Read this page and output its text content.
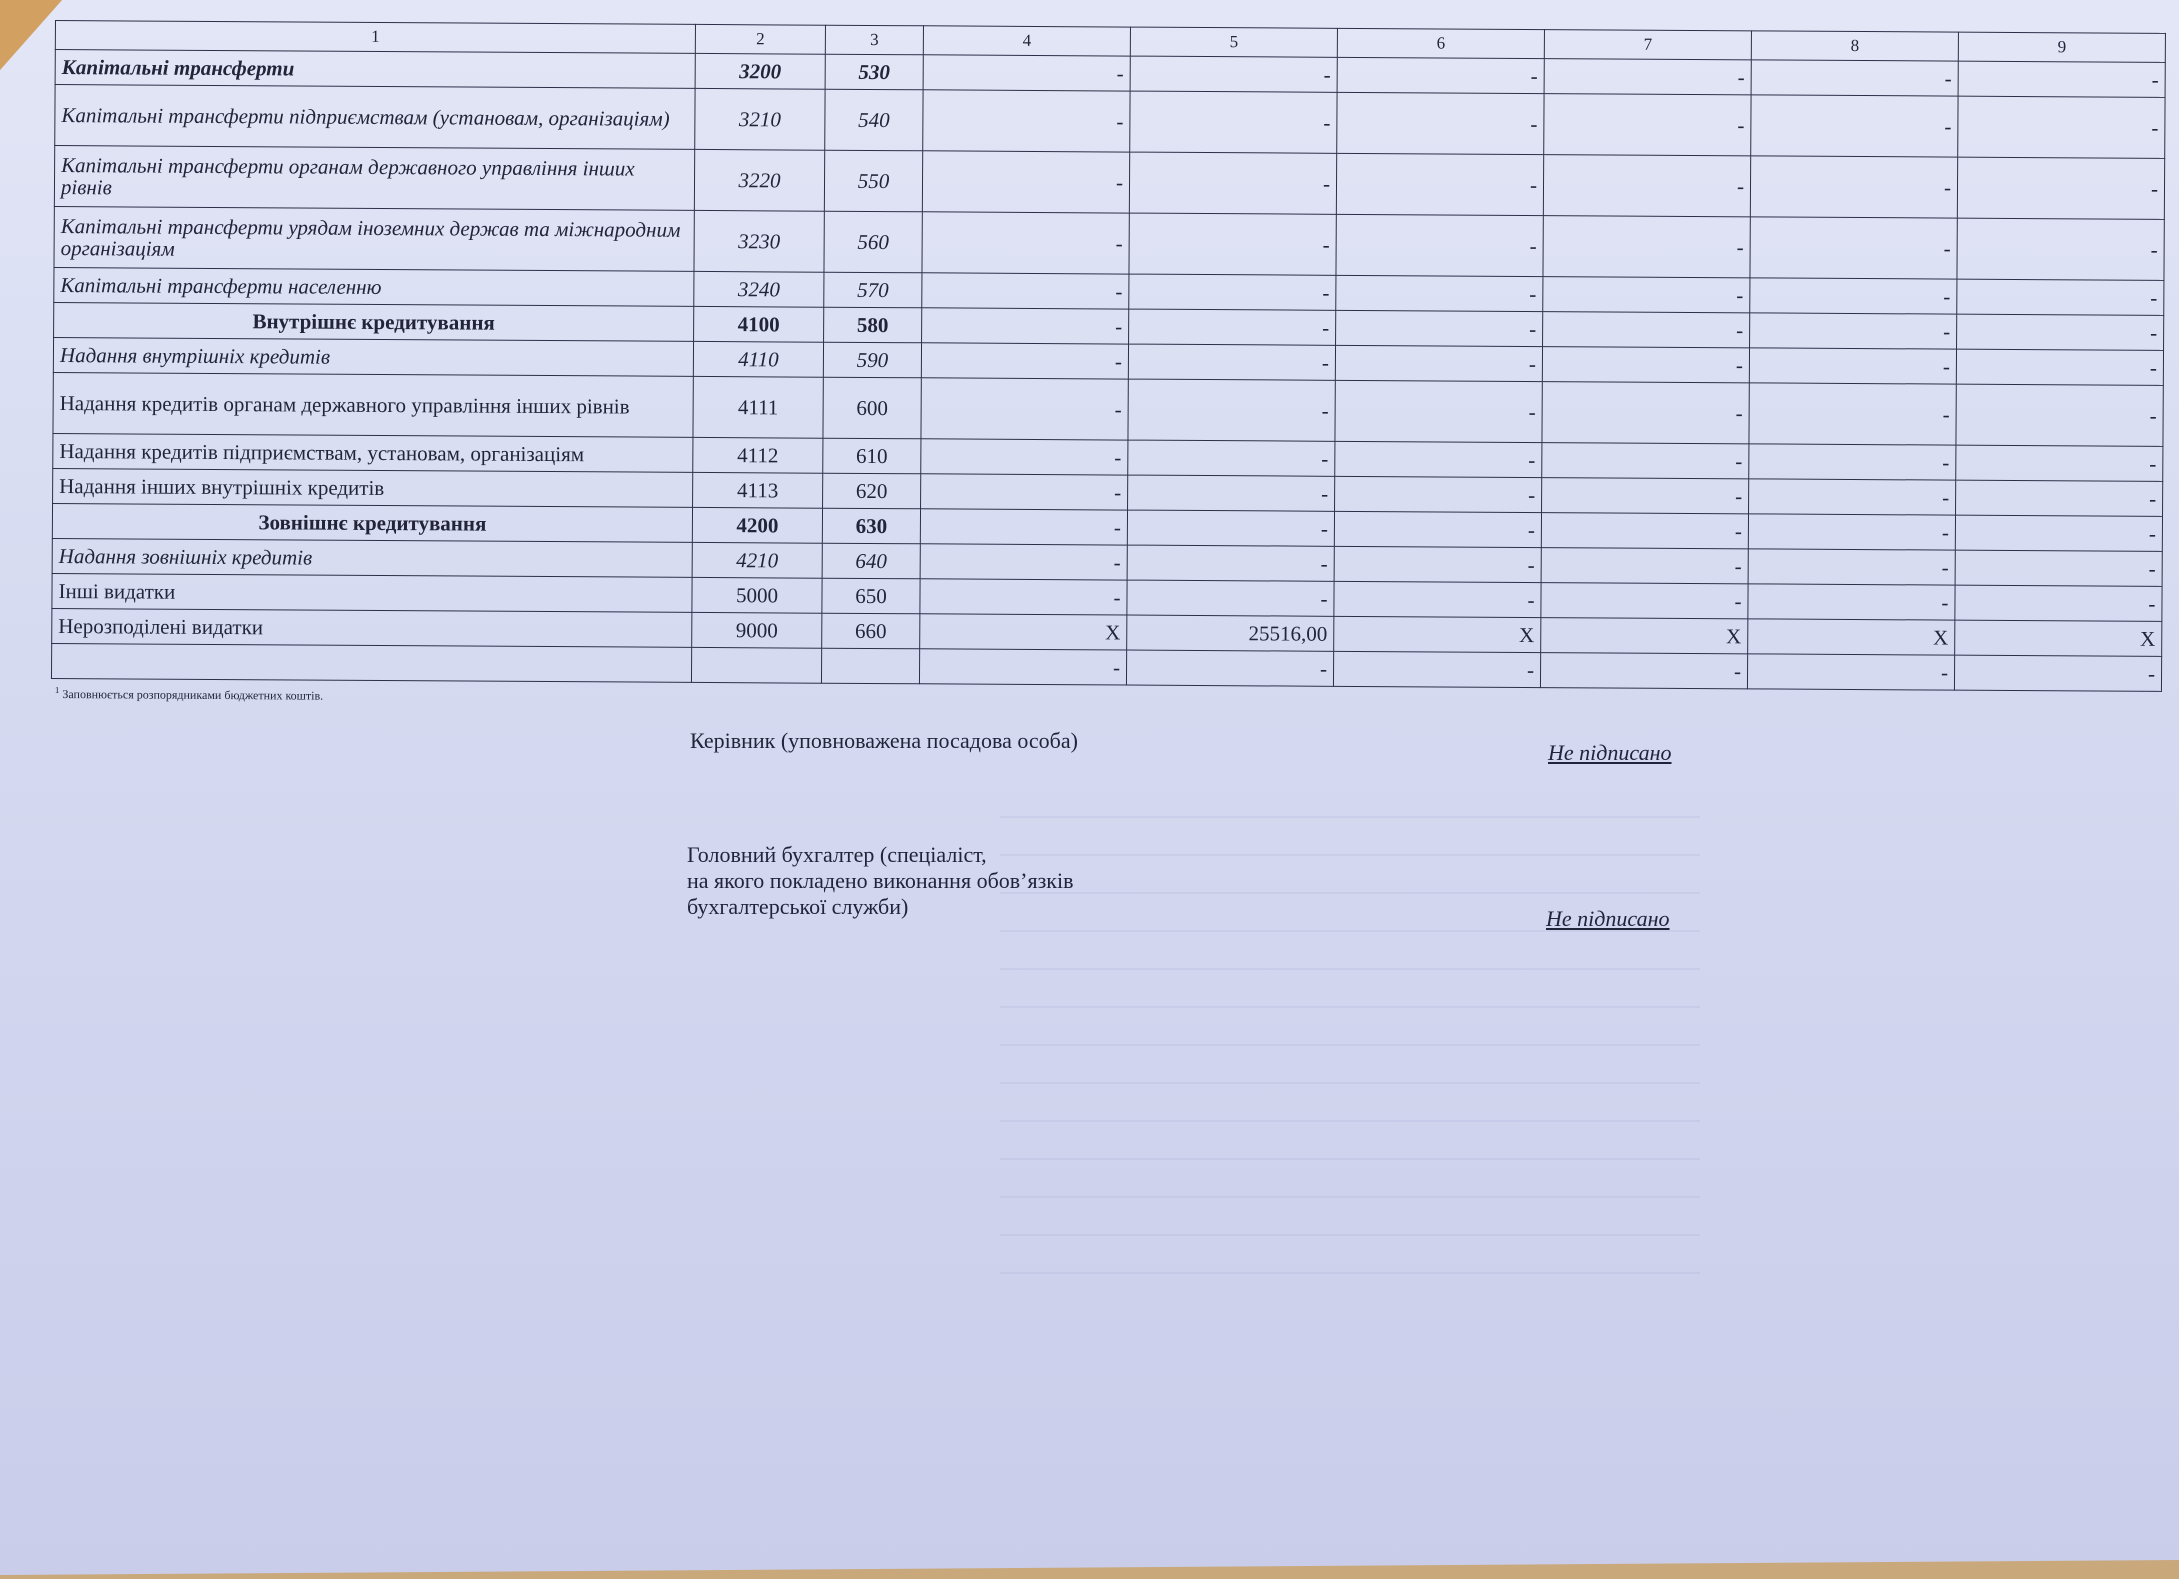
1	2	3	4	5	6	7	8	9
Капітальні трансферти	3200	530	-	-	-	-	-	-
Капітальні трансферти підприємствам (установам, організаціям)	3210	540	-	-	-	-	-	-
Капітальні трансферти органам державного управління інших рівнів	3220	550	-	-	-	-	-	-
Капітальні трансферти урядам іноземних держав та міжнародним організаціям	3230	560	-	-	-	-	-	-
Капітальні трансферти населенню	3240	570	-	-	-	-	-	-
Внутрішнє кредитування	4100	580	-	-	-	-	-	-
Надання внутрішніх кредитів	4110	590	-	-	-	-	-	-
Надання кредитів органам державного управління інших рівнів	4111	600	-	-	-	-	-	-
Надання кредитів підприємствам, установам, організаціям	4112	610	-	-	-	-	-	-
Надання інших внутрішніх кредитів	4113	620	-	-	-	-	-	-
Зовнішнє кредитування	4200	630	-	-	-	-	-	-
Надання зовнішніх кредитів	4210	640	-	-	-	-	-	-
Інші видатки	5000	650	-	-	-	-	-	-
Нерозподілені видатки	9000	660	X	25516,00	X	X	X	X
			-	-	-	-	-	-
$^1$ Заповнюється розпорядниками бюджетних коштів.
Керівник (уповноважена посадова особа)	Не підписано
Головний бухгалтер (спеціаліст,
на якого покладено виконання обов’язків
бухгалтерської служби)	Не підписано
